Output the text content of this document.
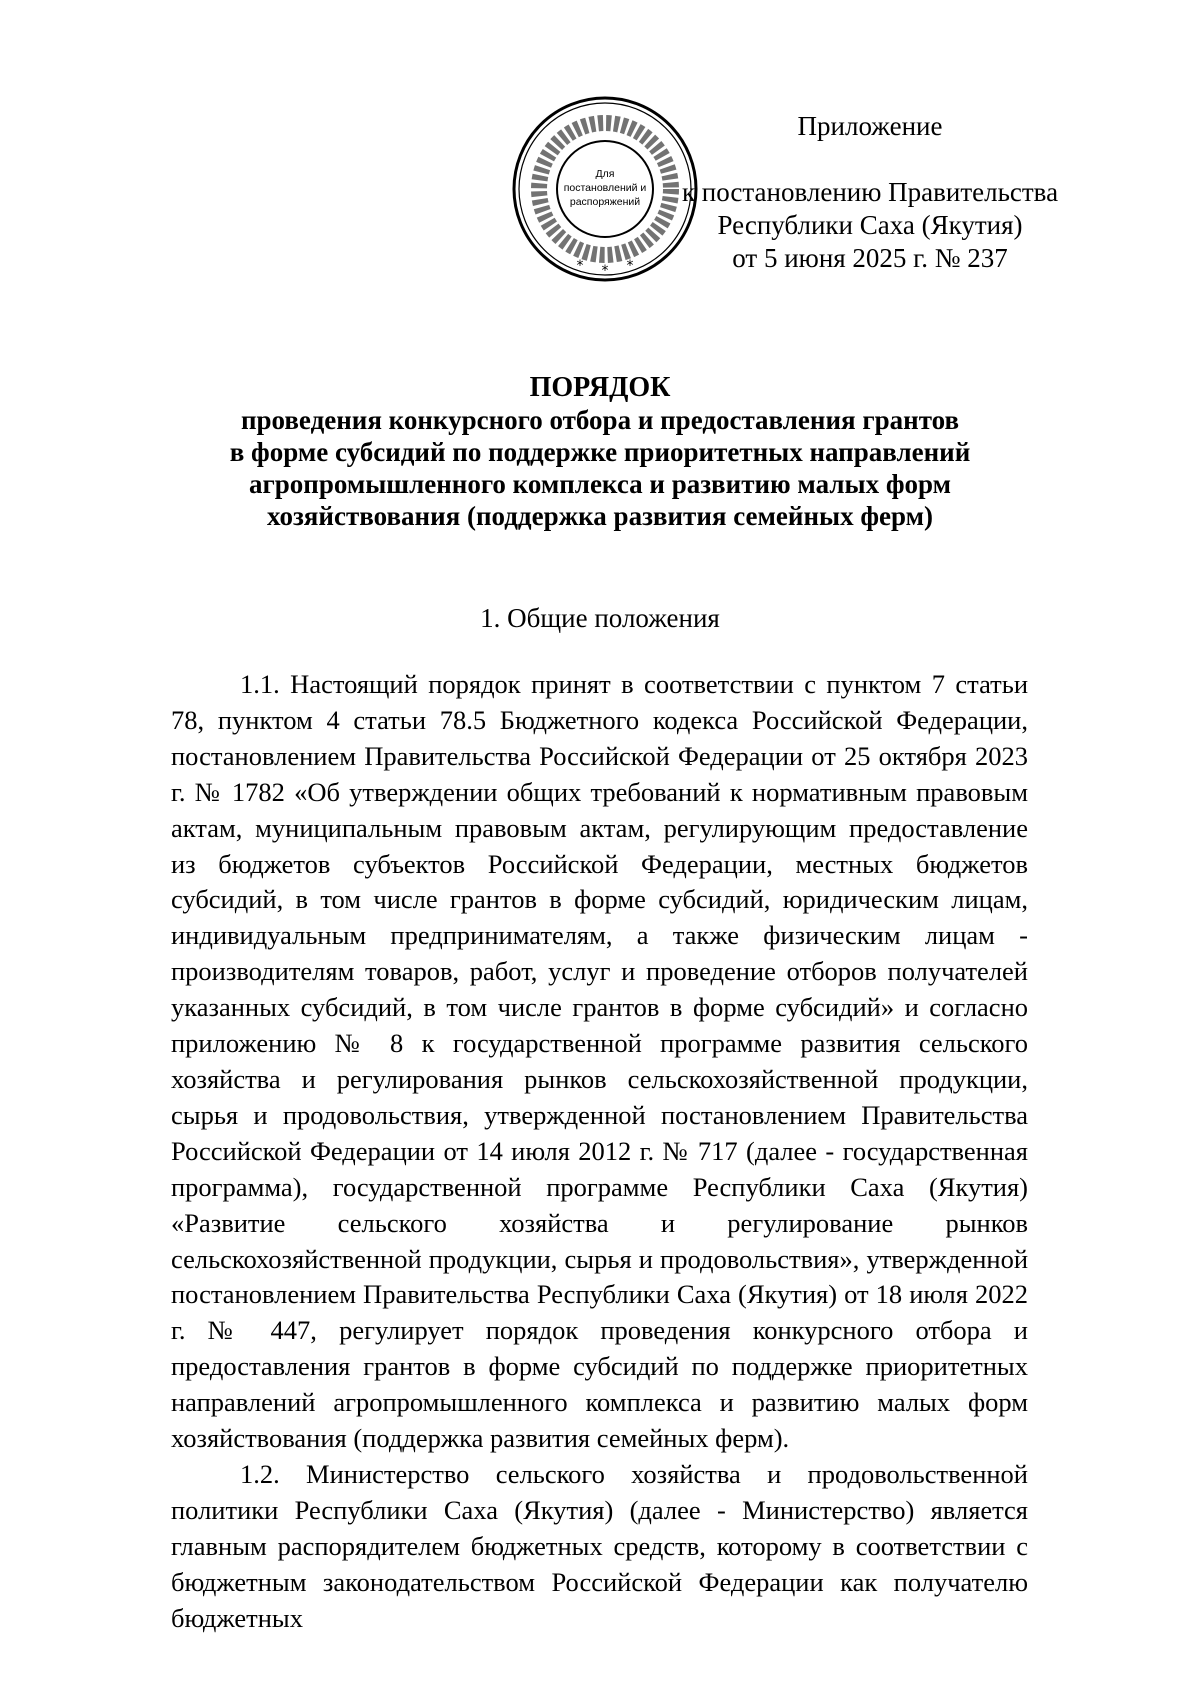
* * *
Для
постановлений и
распоряжений
Приложение
к постановлению Правительства
Республики Саха (Якутия)
от 5 июня 2025 г. № 237
ПОРЯДОК
проведения конкурсного отбора и предоставления грантов
в форме субсидий по поддержке приоритетных направлений
агропромышленного комплекса и развитию малых форм
хозяйствования (поддержка развития семейных ферм)
1. Общие положения

1.1. Настоящий порядок принят в соответствии с пунктом 7 статьи 78, пунктом 4 статьи 78.5 Бюджетного кодекса Российской Федерации, постановлением Правительства Российской Федерации от 25 октября 2023 г. № 1782 «Об утверждении общих требований к нормативным правовым актам, муниципальным правовым актам, регулирующим предоставление из бюджетов субъектов Российской Федерации, местных бюджетов субсидий, в том числе грантов в форме субсидий, юридическим лицам, индивидуальным предпринимателям, а также физическим лицам - производителям товаров, работ, услуг и проведение отборов получателей указанных субсидий, в том числе грантов в форме субсидий» и согласно приложению № 8 к государственной программе развития сельского хозяйства и регулирования рынков сельскохозяйственной продукции, сырья и продовольствия, утвержденной постановлением Правительства Российской Федерации от 14 июля 2012 г. № 717 (далее - государственная программа), государственной программе Республики Саха (Якутия) «Развитие сельского хозяйства и регулирование рынков сельскохозяйственной продукции, сырья и продовольствия», утвержденной постановлением Правительства Республики Саха (Якутия) от 18 июля 2022 г. № 447, регулирует порядок проведения конкурсного отбора и предоставления грантов в форме субсидий по поддержке приоритетных направлений агропромышленного комплекса и развитию малых форм хозяйствования (поддержка развития семейных ферм).

1.2. Министерство сельского хозяйства и продовольственной политики Республики Саха (Якутия) (далее - Министерство) является главным распорядителем бюджетных средств, которому в соответствии с бюджетным законодательством Российской Федерации как получателю бюджетных
